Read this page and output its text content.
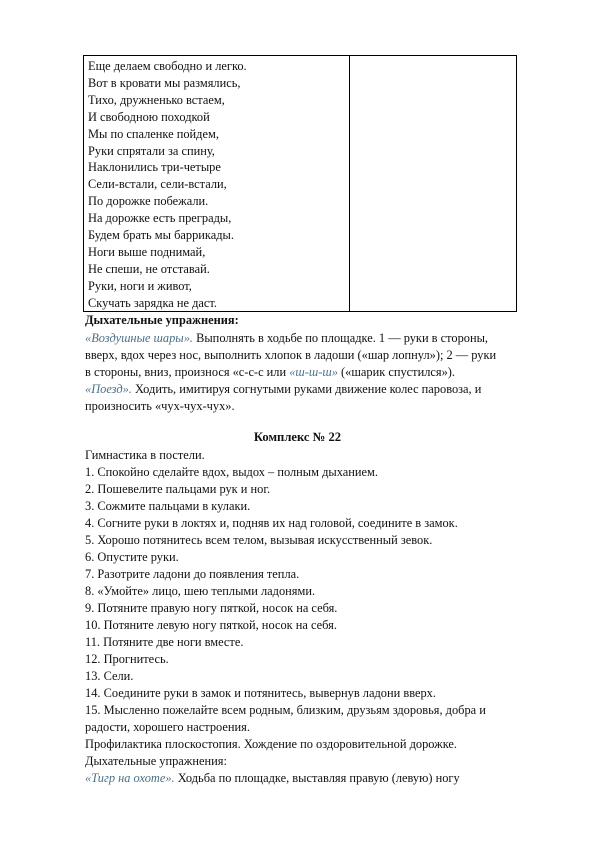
Еще делаем свободно и легко.
Вот в кровати мы размялись,
Тихо, дружненько встаем,
И свободною походкой
Мы по спаленке пойдем,
Руки спрятали за спину,
Наклонились три-четыре
Сели-встали, сели-встали,
По дорожке побежали.
На дорожке есть преграды,
Будем брать мы баррикады.
Ноги выше поднимай,
Не спеши, не отставай.
Руки, ноги и живот,
Скучать зарядка не даст.
Дыхательные упражнения:
«Воздушные шары». Выполнять в ходьбе по площадке. 1 — руки в стороны,
вверх, вдох через нос, выполнить хлопок в ладоши («шар лопнул»); 2 — руки
в стороны, вниз, произнося «с-с-с или «ш-ш-ш» («шарик спустился»).
«Поезд». Ходить, имитируя согнутыми руками движение колес паровоза, и
произносить «чух-чух-чух».
Комплекс № 22
Гимнастика в постели.
1. Спокойно сделайте вдох, выдох – полным дыханием.
2. Пошевелите пальцами рук и ног.
3. Сожмите пальцами в кулаки.
4. Согните руки в локтях и, подняв их над головой, соедините в замок.
5. Хорошо потянитесь всем телом, вызывая искусственный зевок.
6. Опустите руки.
7. Разотрите ладони до появления тепла.
8. «Умойте» лицо, шею теплыми ладонями.
9. Потяните правую ногу пяткой, носок на себя.
10. Потяните левую ногу пяткой, носок на себя.
11. Потяните две ноги вместе.
12. Прогнитесь.
13. Сели.
14. Соедините руки в замок и потянитесь, вывернув ладони вверх.
15. Мысленно пожелайте всем родным, близким, друзьям здоровья, добра и
радости, хорошего настроения.
Профилактика плоскостопия. Хождение по оздоровительной дорожке.
Дыхательные упражнения:
«Тигр на охоте». Ходьба по площадке, выставляя правую (левую) ногу
